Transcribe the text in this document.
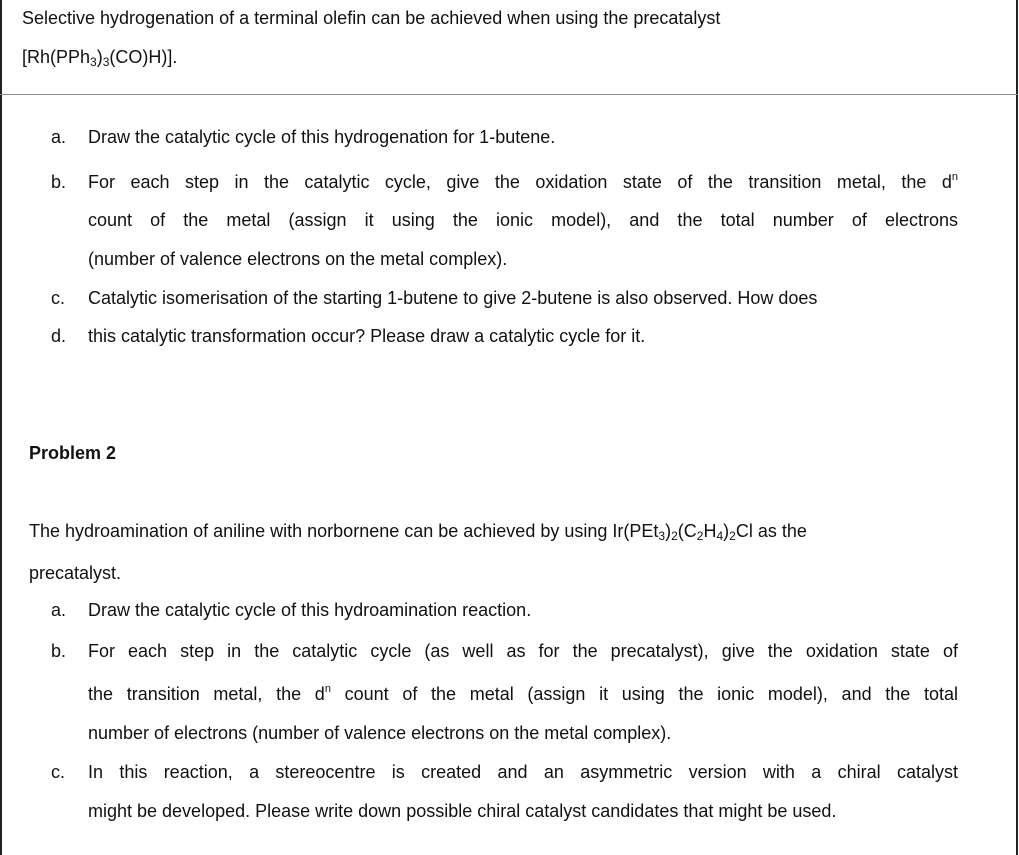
Selective hydrogenation of a terminal olefin can be achieved when using the precatalyst
$[Rh(PPh_3)_3(CO)H)$].
a. Draw the catalytic cycle of this hydrogenation for 1-butene.
b. For each step in the catalytic cycle, give the oxidation state of the transition metal, the $d^n$
count of the metal (assign it using the ionic model), and the total number of electrons
(number of valence electrons on the metal complex).
c. Catalytic isomerisation of the starting 1-butene to give 2-butene is also observed. How does
d. this catalytic transformation occur? Please draw a catalytic cycle for it.
Problem 2
The hydroamination of aniline with norbornene can be achieved by using $Ir(PEt_3)_2(C_2H_4)_2Cl$ as the
precatalyst.
a. Draw the catalytic cycle of this hydroamination reaction.
b. For each step in the catalytic cycle (as well as for the precatalyst), give the oxidation state of
the transition metal, the $d^n$ count of the metal (assign it using the ionic model), and the total
number of electrons (number of valence electrons on the metal complex).
c. In this reaction, a stereocentre is created and an asymmetric version with a chiral catalyst
might be developed. Please write down possible chiral catalyst candidates that might be used.
